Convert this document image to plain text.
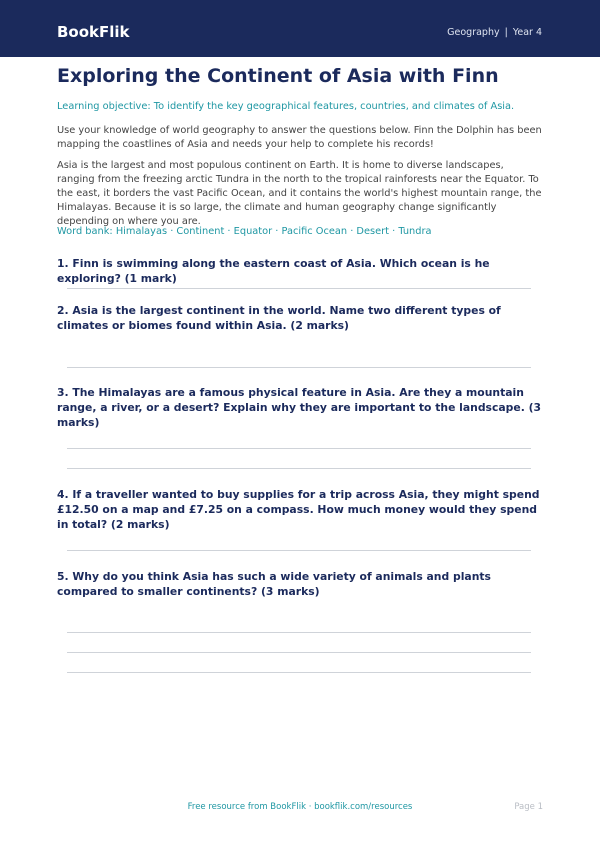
BookFlik	Geography | Year 4
Exploring the Continent of Asia with Finn
Learning objective: To identify the key geographical features, countries, and climates of Asia.

Use your knowledge of world geography to answer the questions below. Finn the Dolphin has been mapping the coastlines of Asia and needs your help to complete his records!

Asia is the largest and most populous continent on Earth. It is home to diverse landscapes, ranging from the freezing arctic Tundra in the north to the tropical rainforests near the Equator. To the east, it borders the vast Pacific Ocean, and it contains the world's highest mountain range, the Himalayas. Because it is so large, the climate and human geography change significantly depending on where you are.

Word bank: Himalayas · Continent · Equator · Pacific Ocean · Desert · Tundra

1. Finn is swimming along the eastern coast of Asia. Which ocean is he exploring? (1 mark)

2. Asia is the largest continent in the world. Name two different types of climates or biomes found within Asia. (2 marks)

3. The Himalayas are a famous physical feature in Asia. Are they a mountain range, a river, or a desert? Explain why they are important to the landscape. (3 marks)

4. If a traveller wanted to buy supplies for a trip across Asia, they might spend £12.50 on a map and £7.25 on a compass. How much money would they spend in total? (2 marks)

5. Why do you think Asia has such a wide variety of animals and plants compared to smaller continents? (3 marks)

Free resource from BookFlik · bookflik.com/resources	Page 1
